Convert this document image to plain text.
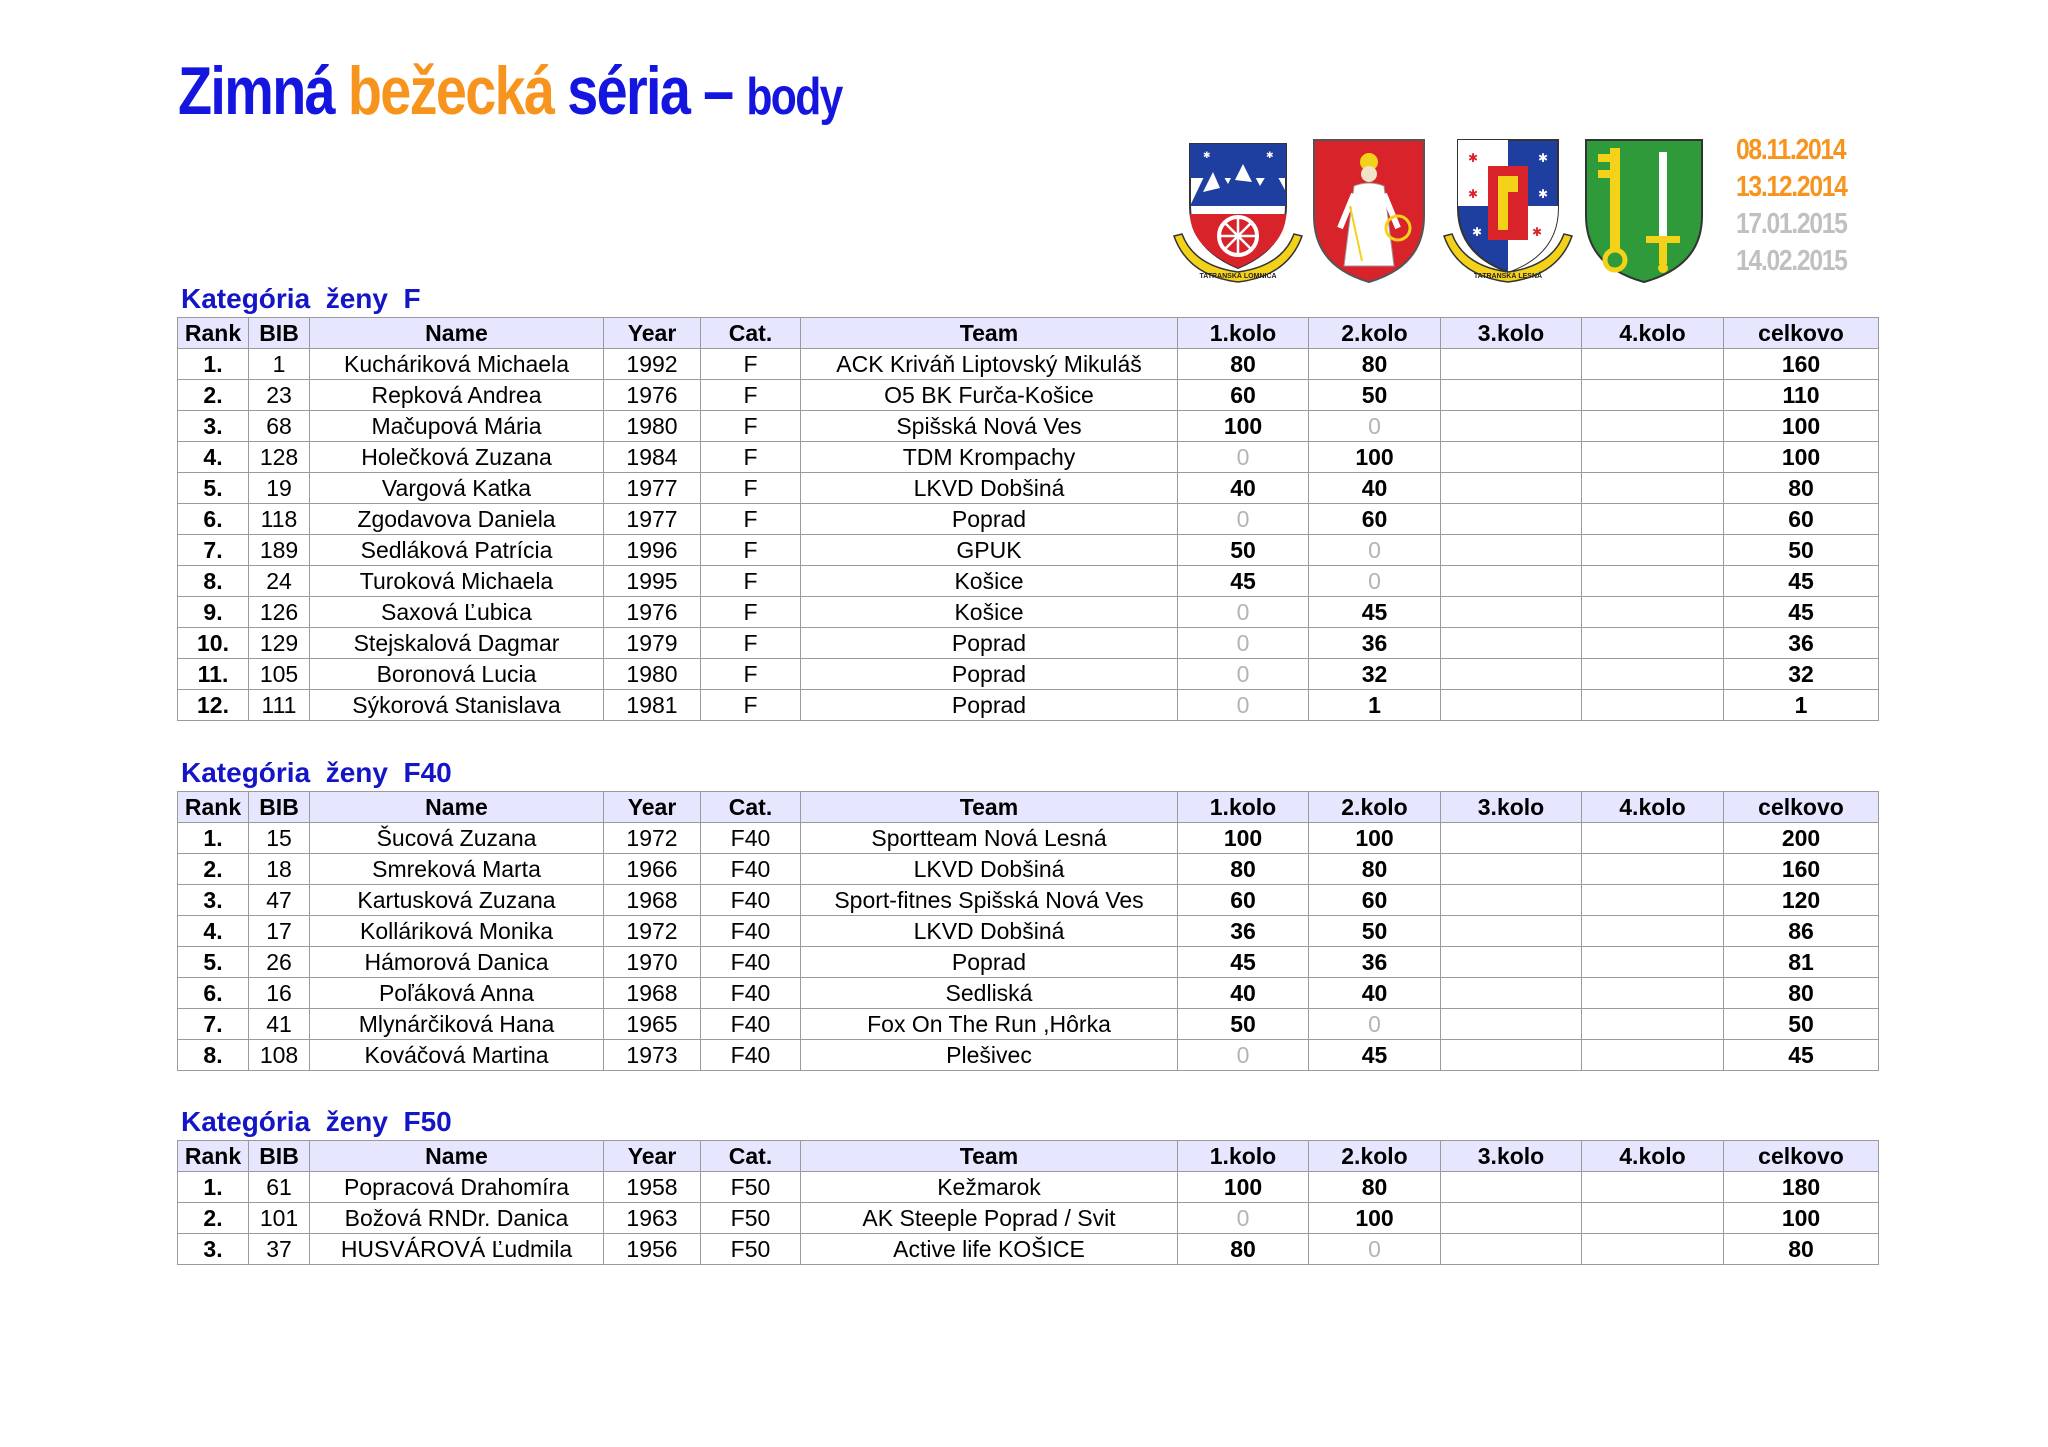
Zimná bežecká séria – body
✱	✱
TATRANSKÁ LOMNICA
✱	✱
✱	✱
✱	✱
TATRANSKÁ LESNÁ
08.11.2014
13.12.2014
17.01.2015
14.02.2015
Kategória  ženy  F
Rank	BIB	Name	Year	Cat.	Team	1.kolo	2.kolo	3.kolo	4.kolo	celkovo
1.	1	Kucháriková Michaela	1992	F	ACK Kriváň Liptovský Mikuláš	80	80			160
2.	23	Repková Andrea	1976	F	O5 BK Furča-Košice	60	50			110
3.	68	Mačupová Mária	1980	F	Spišská Nová Ves	100	0			100
4.	128	Holečková Zuzana	1984	F	TDM Krompachy	0	100			100
5.	19	Vargová Katka	1977	F	LKVD Dobšiná	40	40			80
6.	118	Zgodavova Daniela	1977	F	Poprad	0	60			60
7.	189	Sedláková Patrícia	1996	F	GPUK	50	0			50
8.	24	Turoková Michaela	1995	F	Košice	45	0			45
9.	126	Saxová Ľubica	1976	F	Košice	0	45			45
10.	129	Stejskalová Dagmar	1979	F	Poprad	0	36			36
11.	105	Boronová Lucia	1980	F	Poprad	0	32			32
12.	111	Sýkorová Stanislava	1981	F	Poprad	0	1			1
Kategória  ženy  F40
Rank	BIB	Name	Year	Cat.	Team	1.kolo	2.kolo	3.kolo	4.kolo	celkovo
1.	15	Šucová Zuzana	1972	F40	Sportteam Nová Lesná	100	100			200
2.	18	Smreková Marta	1966	F40	LKVD Dobšiná	80	80			160
3.	47	Kartusková Zuzana	1968	F40	Sport-fitnes Spišská Nová Ves	60	60			120
4.	17	Kolláriková Monika	1972	F40	LKVD Dobšiná	36	50			86
5.	26	Hámorová Danica	1970	F40	Poprad	45	36			81
6.	16	Poľáková Anna	1968	F40	Sedliská	40	40			80
7.	41	Mlynárčiková Hana	1965	F40	Fox On The Run ,Hôrka	50	0			50
8.	108	Kováčová Martina	1973	F40	Plešivec	0	45			45
Kategória  ženy  F50
Rank	BIB	Name	Year	Cat.	Team	1.kolo	2.kolo	3.kolo	4.kolo	celkovo
1.	61	Popracová Drahomíra	1958	F50	Kežmarok	100	80			180
2.	101	Božová RNDr. Danica	1963	F50	AK Steeple Poprad / Svit	0	100			100
3.	37	HUSVÁROVÁ Ľudmila	1956	F50	Active life KOŠICE	80	0			80
